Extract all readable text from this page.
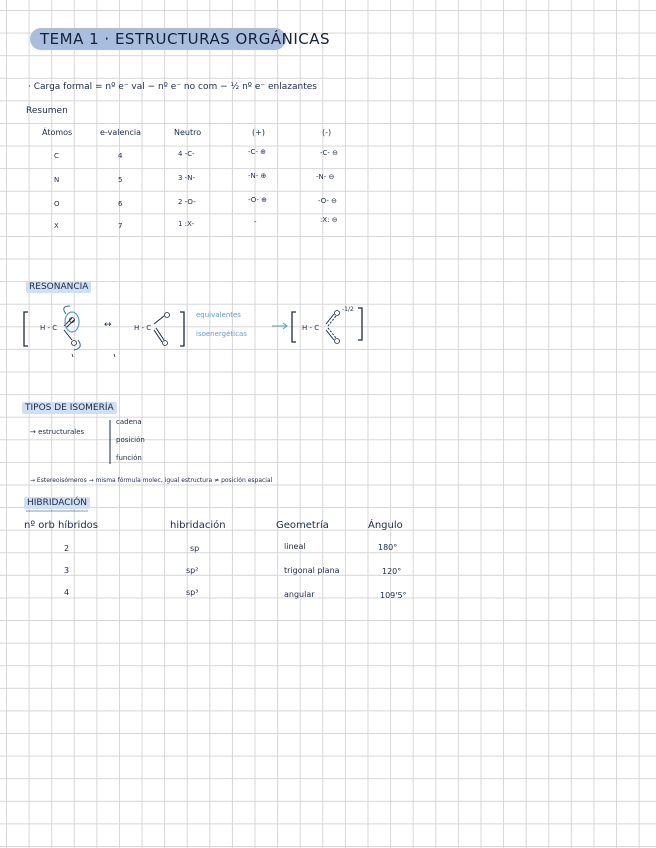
TEMA 1 · ESTRUCTURAS ORGÁNICAS
· Carga formal = nº e⁻ val − nº e⁻ no com − ½ nº e⁻ enlazantes
Resumen
Átomos	e-valencia	Neutro	(+)	(-)
C	4	4 -C-	-C- ⊕	-C- ⊖
N	5	3 -N-	-N- ⊕	-N- ⊖
O	6	2 -O-	-O- ⊕	-O- ⊖
X	7	1 :X-	-	:X: ⊖
RESONANCIA
H - C	↔	H - C
equivalentes
isoenergéticas
H - C
-1/2
TIPOS DE ISOMERÍA
→ estructurales
cadena
posición
función
→ Estereoisómeros → misma fórmula molec, igual estructura ≠ posición espacial
HIBRIDACIÓN
nº orb híbridos	hibridación	Geometría	Ángulo
2	sp	lineal	180°
3	sp²	trigonal plana	120°
4	sp³	angular	109'5°
